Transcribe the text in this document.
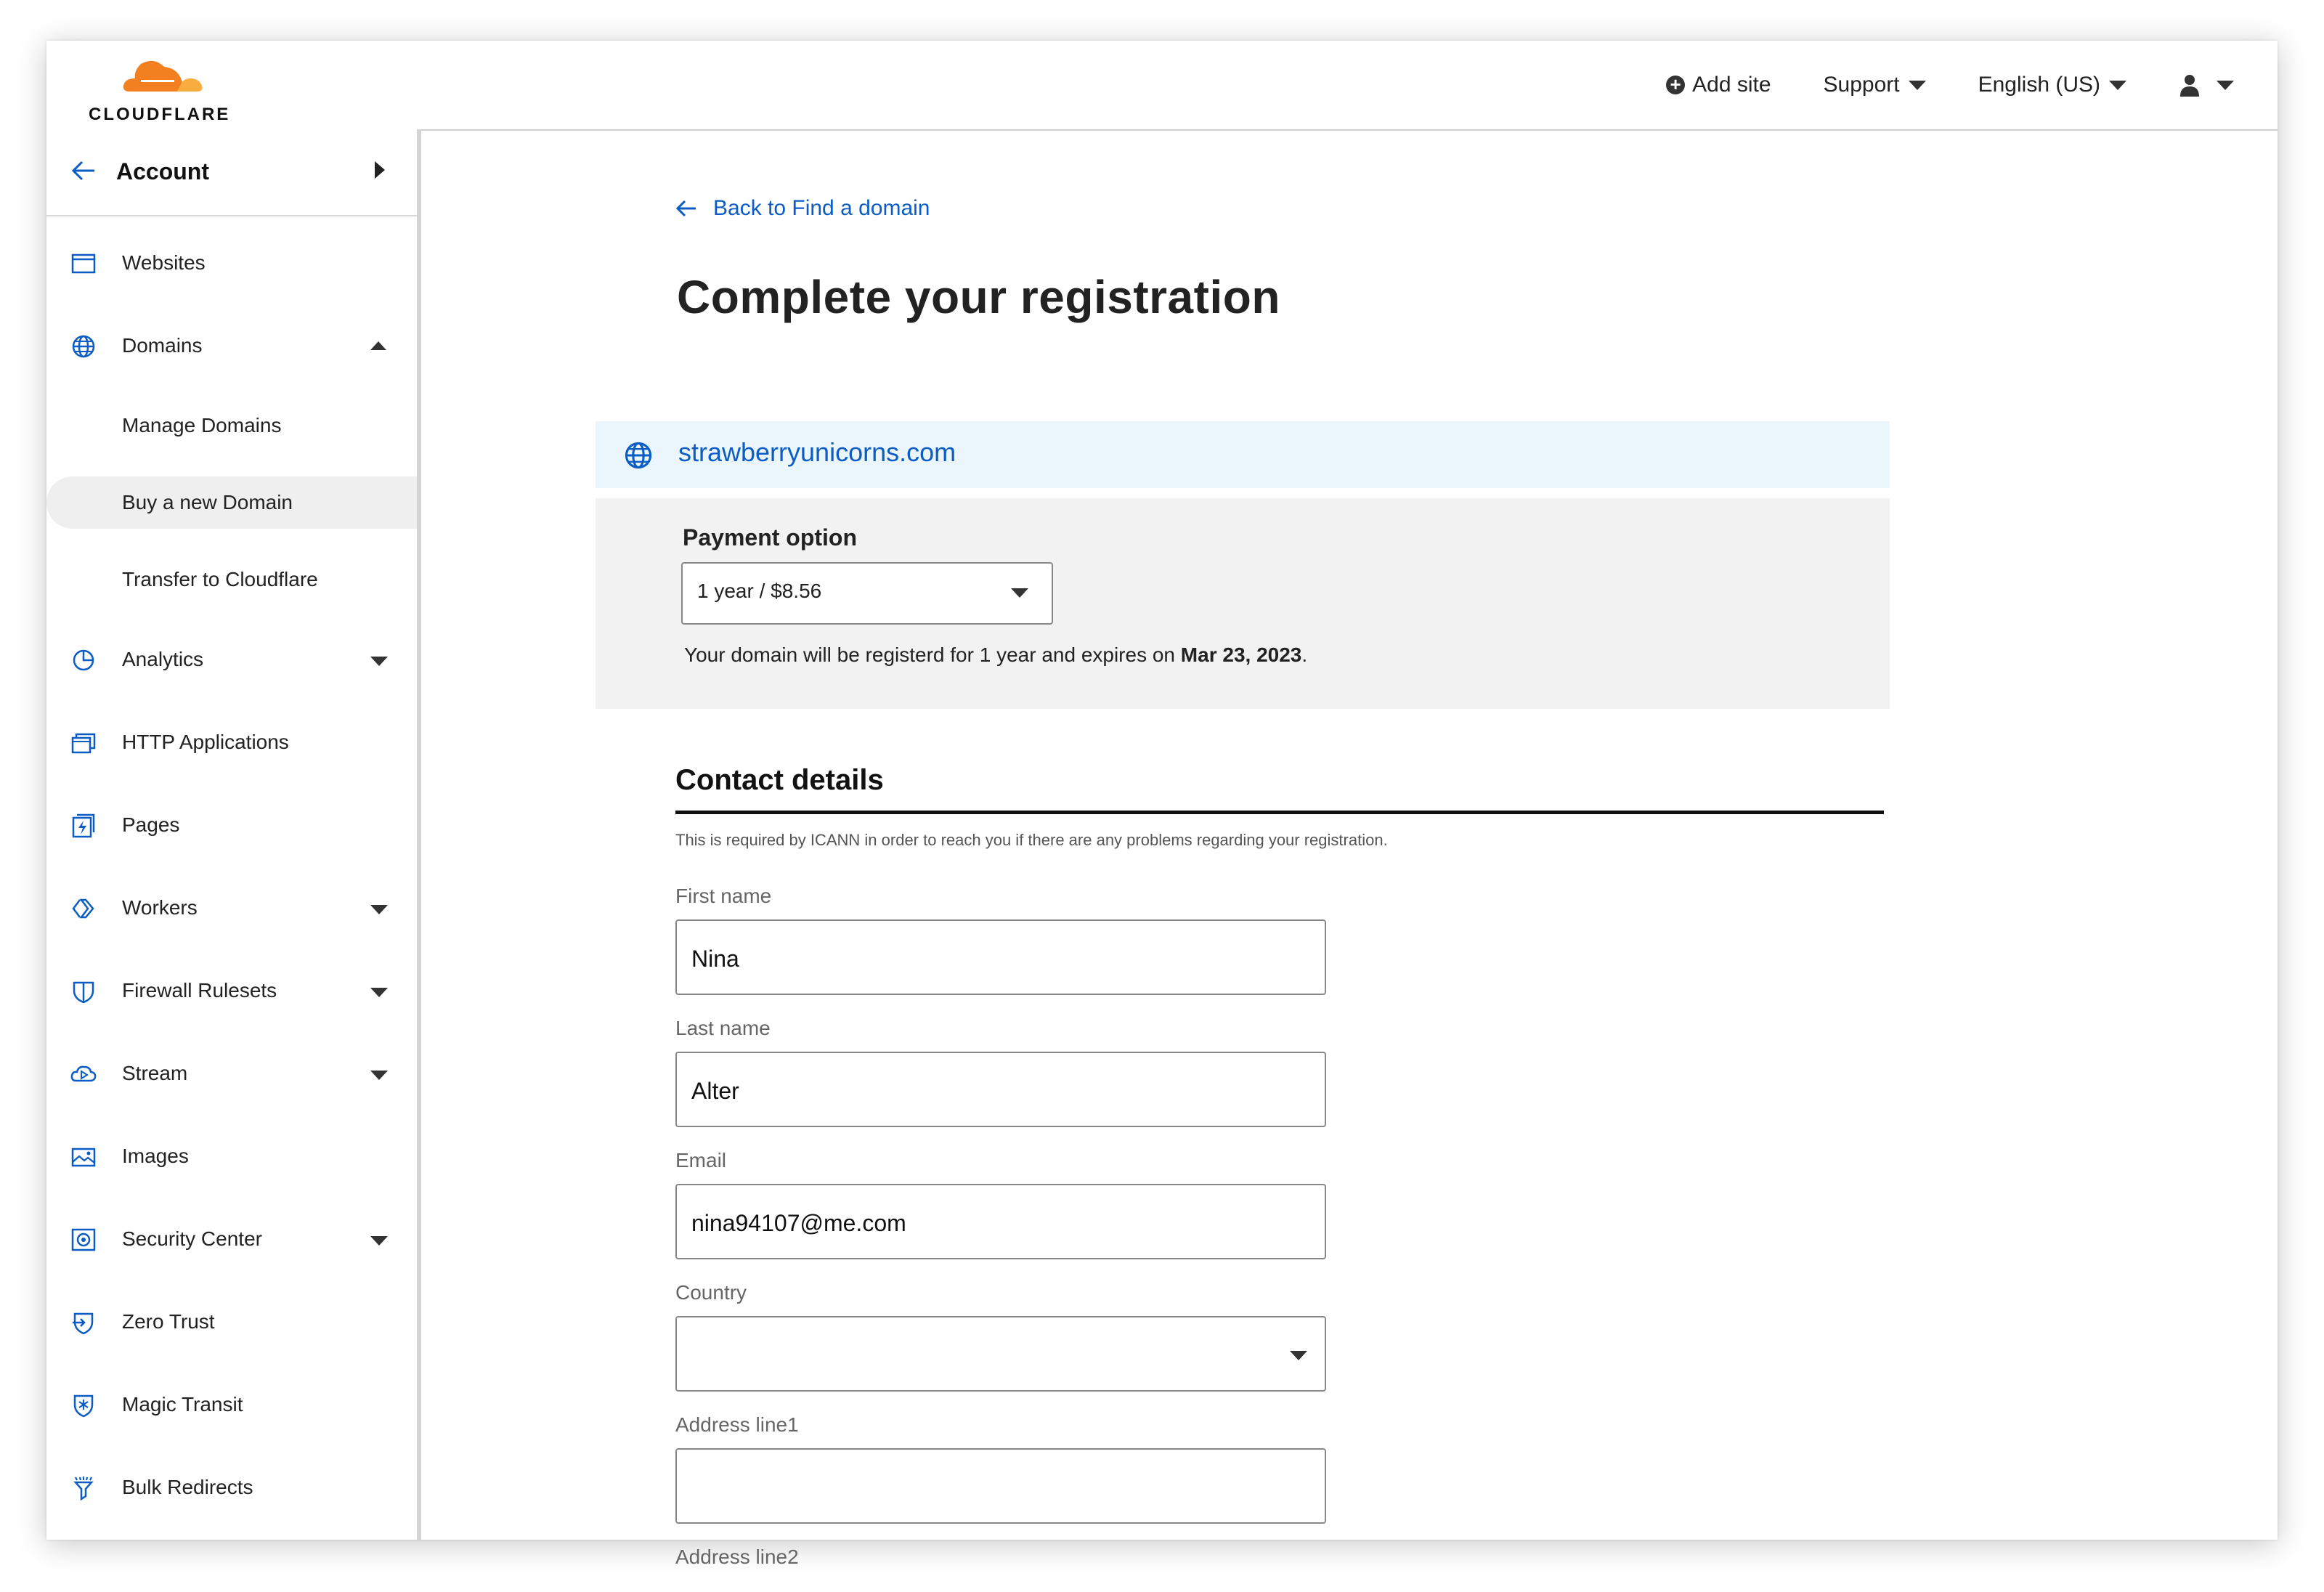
CLOUDFLARE
+ Add site Support	English (US)
Account
Websites
Domains
Manage Domains
Buy a new Domain
Transfer to Cloudflare
Analytics
HTTP Applications
Pages
Workers
Firewall Rulesets
Stream
Images
Security Center
Zero Trust
Magic Transit
Bulk Redirects
Back to Find a domain
Complete your registration
strawberryunicorns.com
Payment option
1 year / $8.56
Your domain will be registerd for 1 year and expires on Mar 23, 2023.
Contact details
This is required by ICANN in order to reach you if there are any problems regarding your registration.
First name
Nina
Last name
Alter
Email
nina94107@me.com
Country
Address line1
Address line2
